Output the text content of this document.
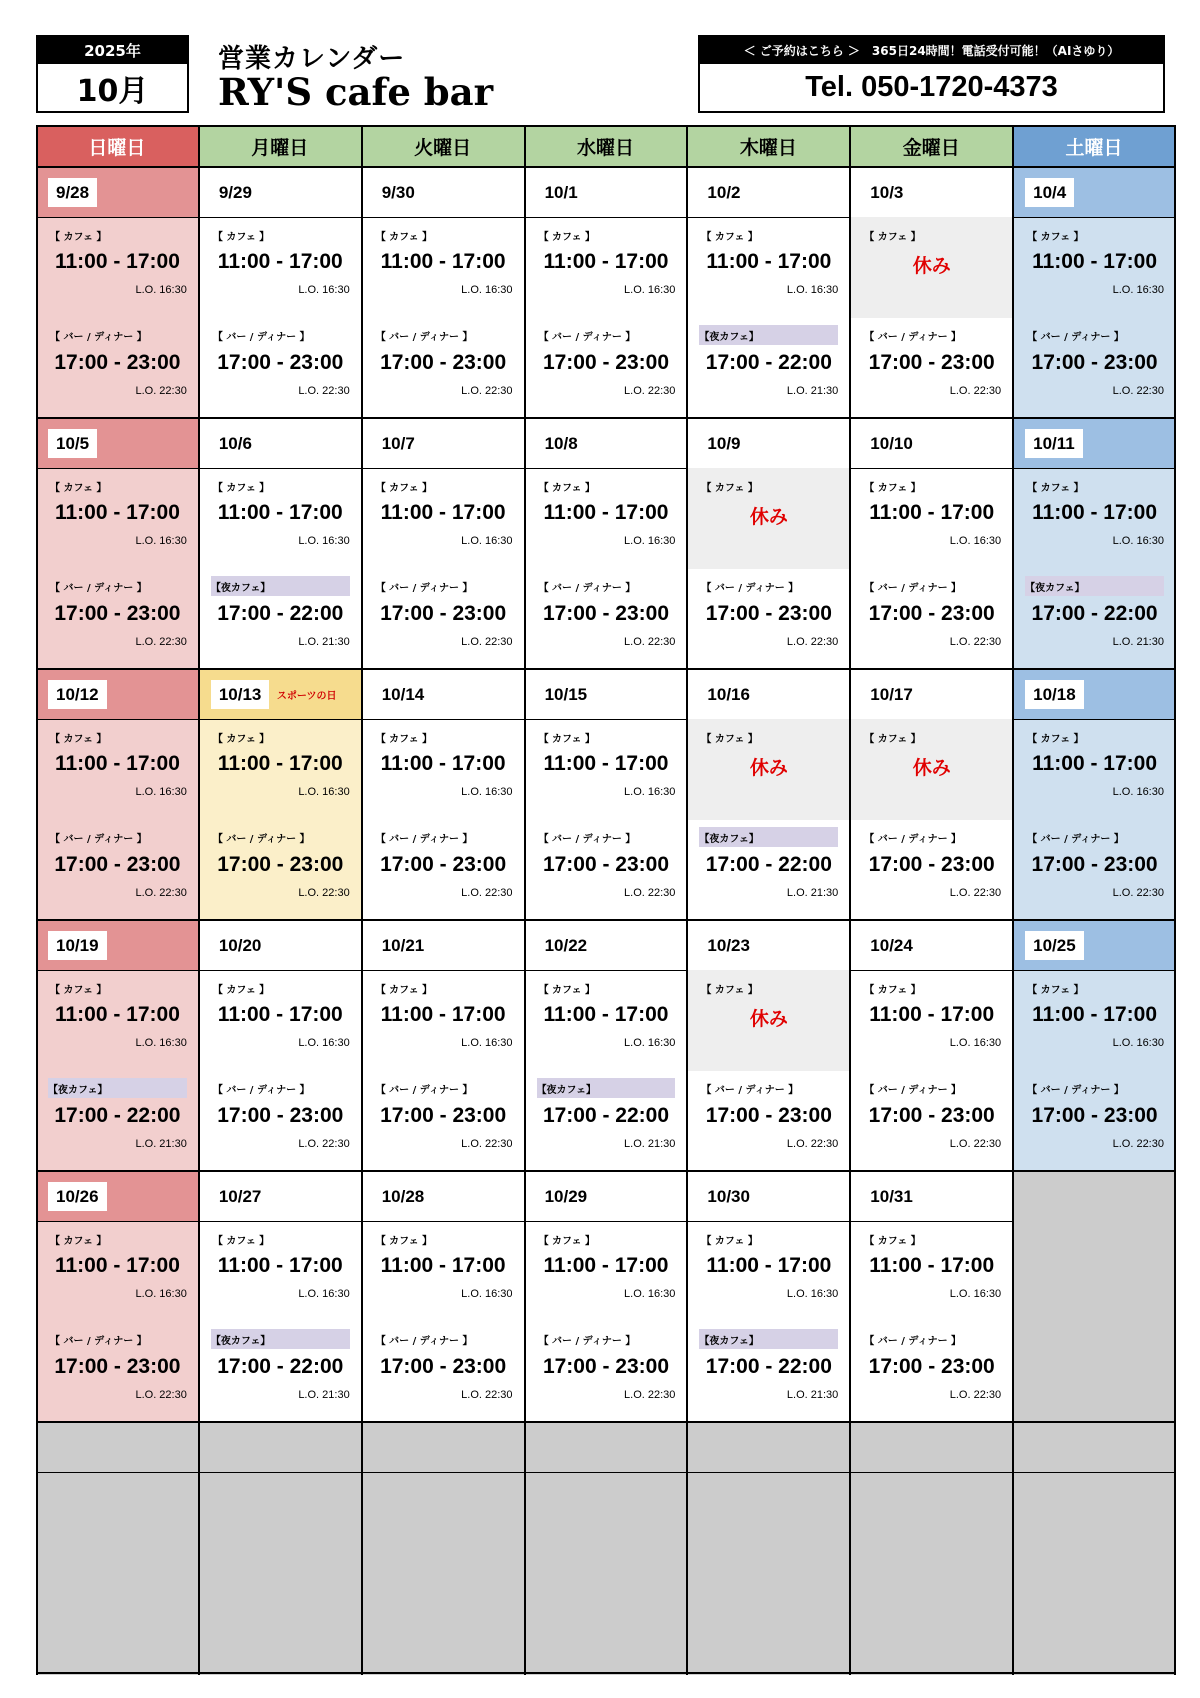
2025年
10月
営業カレンダー
RY'S cafe bar
＜ ご予約はこちら ＞　365日24時間！電話受付可能！（AIさゆり）
Tel. 050-1720-4373
日曜日	月曜日	火曜日	水曜日	木曜日	金曜日	土曜日
9/28
【 カフェ 】
11:00 - 17:00
L.O. 16:30
【 バー / ディナー 】
17:00 - 23:00
L.O. 22:30
9/29
【 カフェ 】
11:00 - 17:00
L.O. 16:30
【 バー / ディナー 】
17:00 - 23:00
L.O. 22:30
9/30
【 カフェ 】
11:00 - 17:00
L.O. 16:30
【 バー / ディナー 】
17:00 - 23:00
L.O. 22:30
10/1
【 カフェ 】
11:00 - 17:00
L.O. 16:30
【 バー / ディナー 】
17:00 - 23:00
L.O. 22:30
10/2
【 カフェ 】
11:00 - 17:00
L.O. 16:30
【夜カフェ】
17:00 - 22:00
L.O. 21:30
10/3
【 カフェ 】
休み
【 バー / ディナー 】
17:00 - 23:00
L.O. 22:30
10/4
【 カフェ 】
11:00 - 17:00
L.O. 16:30
【 バー / ディナー 】
17:00 - 23:00
L.O. 22:30
10/5
【 カフェ 】
11:00 - 17:00
L.O. 16:30
【 バー / ディナー 】
17:00 - 23:00
L.O. 22:30
10/6
【 カフェ 】
11:00 - 17:00
L.O. 16:30
【夜カフェ】
17:00 - 22:00
L.O. 21:30
10/7
【 カフェ 】
11:00 - 17:00
L.O. 16:30
【 バー / ディナー 】
17:00 - 23:00
L.O. 22:30
10/8
【 カフェ 】
11:00 - 17:00
L.O. 16:30
【 バー / ディナー 】
17:00 - 23:00
L.O. 22:30
10/9
【 カフェ 】
休み
【 バー / ディナー 】
17:00 - 23:00
L.O. 22:30
10/10
【 カフェ 】
11:00 - 17:00
L.O. 16:30
【 バー / ディナー 】
17:00 - 23:00
L.O. 22:30
10/11
【 カフェ 】
11:00 - 17:00
L.O. 16:30
【夜カフェ】
17:00 - 22:00
L.O. 21:30
10/12
【 カフェ 】
11:00 - 17:00
L.O. 16:30
【 バー / ディナー 】
17:00 - 23:00
L.O. 22:30
10/13	スポーツの日
【 カフェ 】
11:00 - 17:00
L.O. 16:30
【 バー / ディナー 】
17:00 - 23:00
L.O. 22:30
10/14
【 カフェ 】
11:00 - 17:00
L.O. 16:30
【 バー / ディナー 】
17:00 - 23:00
L.O. 22:30
10/15
【 カフェ 】
11:00 - 17:00
L.O. 16:30
【 バー / ディナー 】
17:00 - 23:00
L.O. 22:30
10/16
【 カフェ 】
休み
【夜カフェ】
17:00 - 22:00
L.O. 21:30
10/17
【 カフェ 】
休み
【 バー / ディナー 】
17:00 - 23:00
L.O. 22:30
10/18
【 カフェ 】
11:00 - 17:00
L.O. 16:30
【 バー / ディナー 】
17:00 - 23:00
L.O. 22:30
10/19
【 カフェ 】
11:00 - 17:00
L.O. 16:30
【夜カフェ】
17:00 - 22:00
L.O. 21:30
10/20
【 カフェ 】
11:00 - 17:00
L.O. 16:30
【 バー / ディナー 】
17:00 - 23:00
L.O. 22:30
10/21
【 カフェ 】
11:00 - 17:00
L.O. 16:30
【 バー / ディナー 】
17:00 - 23:00
L.O. 22:30
10/22
【 カフェ 】
11:00 - 17:00
L.O. 16:30
【夜カフェ】
17:00 - 22:00
L.O. 21:30
10/23
【 カフェ 】
休み
【 バー / ディナー 】
17:00 - 23:00
L.O. 22:30
10/24
【 カフェ 】
11:00 - 17:00
L.O. 16:30
【 バー / ディナー 】
17:00 - 23:00
L.O. 22:30
10/25
【 カフェ 】
11:00 - 17:00
L.O. 16:30
【 バー / ディナー 】
17:00 - 23:00
L.O. 22:30
10/26
【 カフェ 】
11:00 - 17:00
L.O. 16:30
【 バー / ディナー 】
17:00 - 23:00
L.O. 22:30
10/27
【 カフェ 】
11:00 - 17:00
L.O. 16:30
【夜カフェ】
17:00 - 22:00
L.O. 21:30
10/28
【 カフェ 】
11:00 - 17:00
L.O. 16:30
【 バー / ディナー 】
17:00 - 23:00
L.O. 22:30
10/29
【 カフェ 】
11:00 - 17:00
L.O. 16:30
【 バー / ディナー 】
17:00 - 23:00
L.O. 22:30
10/30
【 カフェ 】
11:00 - 17:00
L.O. 16:30
【夜カフェ】
17:00 - 22:00
L.O. 21:30
10/31
【 カフェ 】
11:00 - 17:00
L.O. 16:30
【 バー / ディナー 】
17:00 - 23:00
L.O. 22:30
